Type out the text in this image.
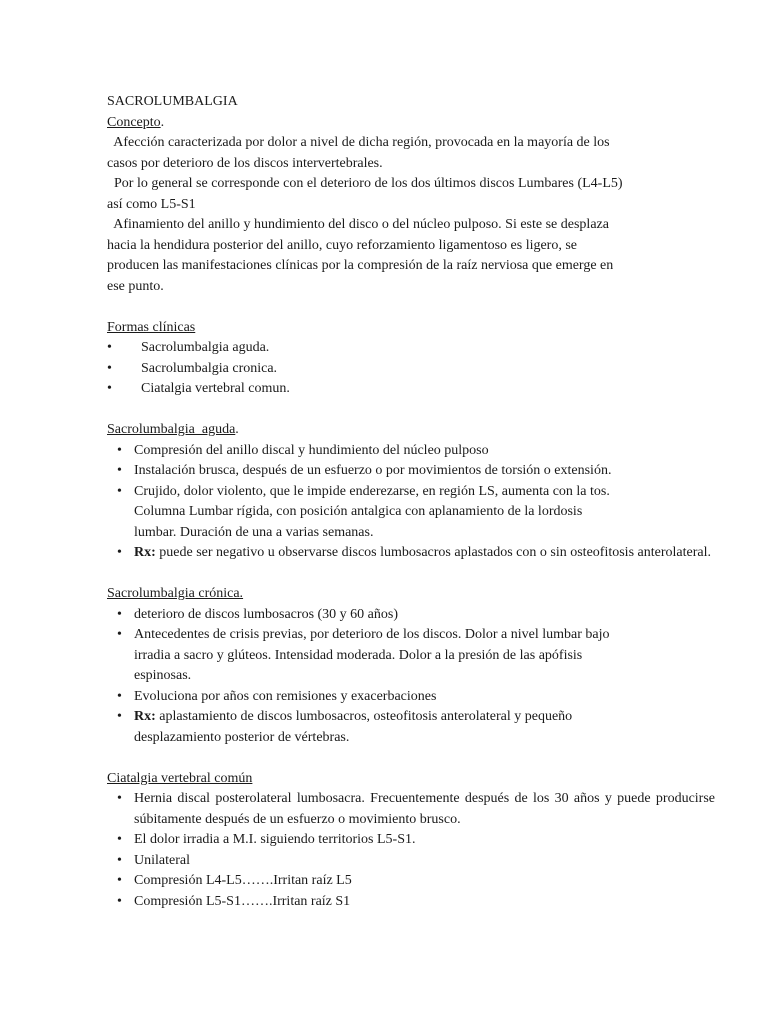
SACROLUMBALGIA
Concepto.
Afección caracterizada por dolor a nivel de dicha región, provocada en la mayoría de los
casos por deterioro de los discos intervertebrales.
Por lo general se corresponde con el deterioro de los dos últimos discos Lumbares (L4-L5)
así como L5-S1
Afinamiento del anillo y hundimiento del disco o del núcleo pulposo. Si este se desplaza
hacia la hendidura posterior del anillo, cuyo reforzamiento ligamentoso es ligero, se
producen las manifestaciones clínicas por la compresión de la raíz nerviosa que emerge en
ese punto.
Formas clínicas
•	Sacrolumbalgia aguda.
•	Sacrolumbalgia cronica.
•	Ciatalgia vertebral comun.
Sacrolumbalgia  aguda.
• Compresión del anillo discal y hundimiento del núcleo pulposo
• Instalación brusca, después de un esfuerzo o por movimientos de torsión o extensión.
• Crujido, dolor violento, que le impide enderezarse, en región LS, aumenta con la tos.
Columna Lumbar rígida, con posición antalgica con aplanamiento de la lordosis
lumbar. Duración de una a varias semanas.
• Rx: puede ser negativo u observarse discos lumbosacros aplastados con o sin osteofitosis anterolateral.
Sacrolumbalgia crónica.
• deterioro de discos lumbosacros (30 y 60 años)
• Antecedentes de crisis previas, por deterioro de los discos. Dolor a nivel lumbar bajo
irradia a sacro y glúteos. Intensidad moderada. Dolor a la presión de las apófisis
espinosas.
• Evoluciona por años con remisiones y exacerbaciones
• Rx: aplastamiento de discos lumbosacros, osteofitosis anterolateral y pequeño
desplazamiento posterior de vértebras.
Ciatalgia vertebral común
• Hernia discal posterolateral lumbosacra. Frecuentemente después de los 30 años y puede producirse súbitamente después de un esfuerzo o movimiento brusco.
• El dolor irradia a M.I. siguiendo territorios L5-S1.
• Unilateral
• Compresión L4-L5…….Irritan raíz L5
• Compresión L5-S1…….Irritan raíz S1
